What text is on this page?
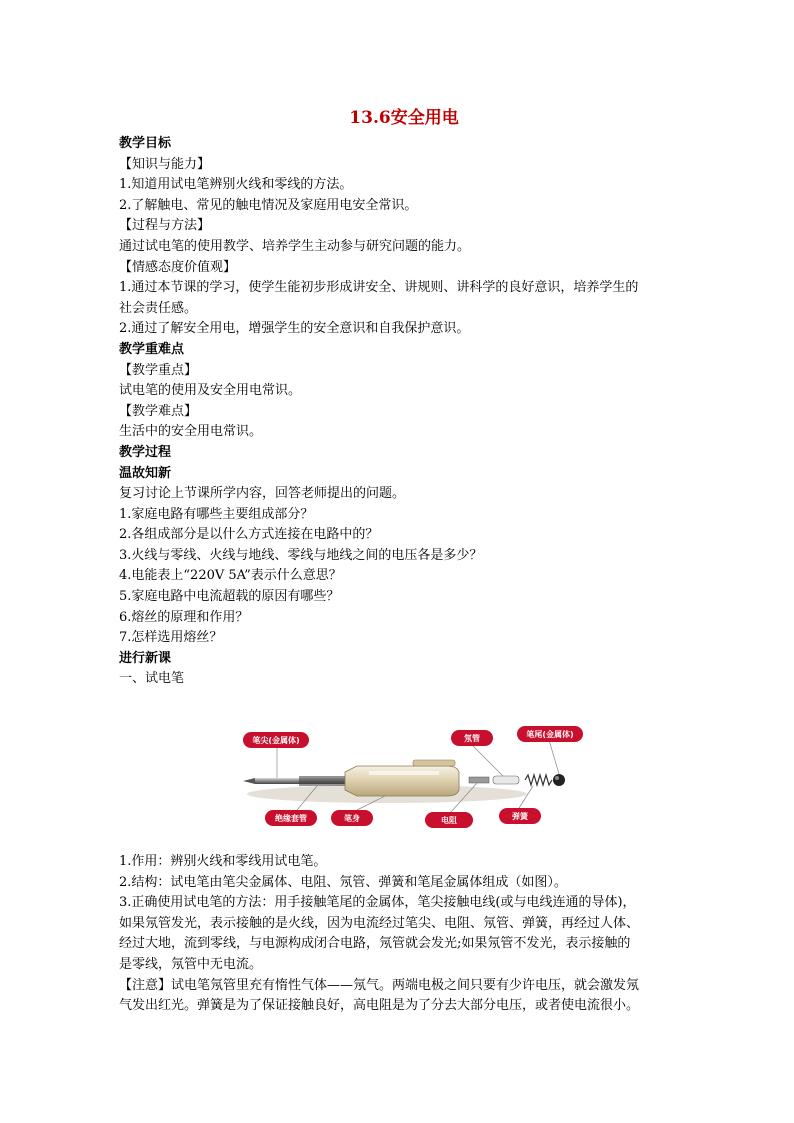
13.6安全用电
教学目标
【知识与能力】
1.知道用试电笔辨别火线和零线的方法。
2.了解触电、常见的触电情况及家庭用电安全常识。
【过程与方法】
通过试电笔的使用教学、培养学生主动参与研究问题的能力。
【情感态度价值观】
1.通过本节课的学习，使学生能初步形成讲安全、讲规则、讲科学的良好意识，培养学生的
社会责任感。
2.通过了解安全用电，增强学生的安全意识和自我保护意识。
教学重难点
【教学重点】
试电笔的使用及安全用电常识。
【教学难点】
生活中的安全用电常识。
教学过程
温故知新
复习讨论上节课所学内容，回答老师提出的问题。
1.家庭电路有哪些主要组成部分？
2.各组成部分是以什么方式连接在电路中的？
3.火线与零线、火线与地线、零线与地线之间的电压各是多少？
4.电能表上“220V 5A”表示什么意思？
5.家庭电路中电流超载的原因有哪些？
6.熔丝的原理和作用？
7.怎样选用熔丝？
进行新课
一、试电笔
笔尖(金属体)	氖管	笔尾(金属体)
绝缘套管	笔身	电阻	弹簧
1.作用：辨别火线和零线用试电笔。
2.结构：试电笔由笔尖金属体、电阻、氖管、弹簧和笔尾金属体组成（如图）。
3.正确使用试电笔的方法：用手接触笔尾的金属体，笔尖接触电线(或与电线连通的导体)，
如果氖管发光，表示接触的是火线，因为电流经过笔尖、电阻、氖管、弹簧，再经过人体、
经过大地，流到零线，与电源构成闭合电路，氖管就会发光;如果氖管不发光，表示接触的
是零线，氖管中无电流。
【注意】试电笔氖管里充有惰性气体——氖气。两端电极之间只要有少许电压，就会激发氖
气发出红光。弹簧是为了保证接触良好，高电阻是为了分去大部分电压，或者使电流很小。
